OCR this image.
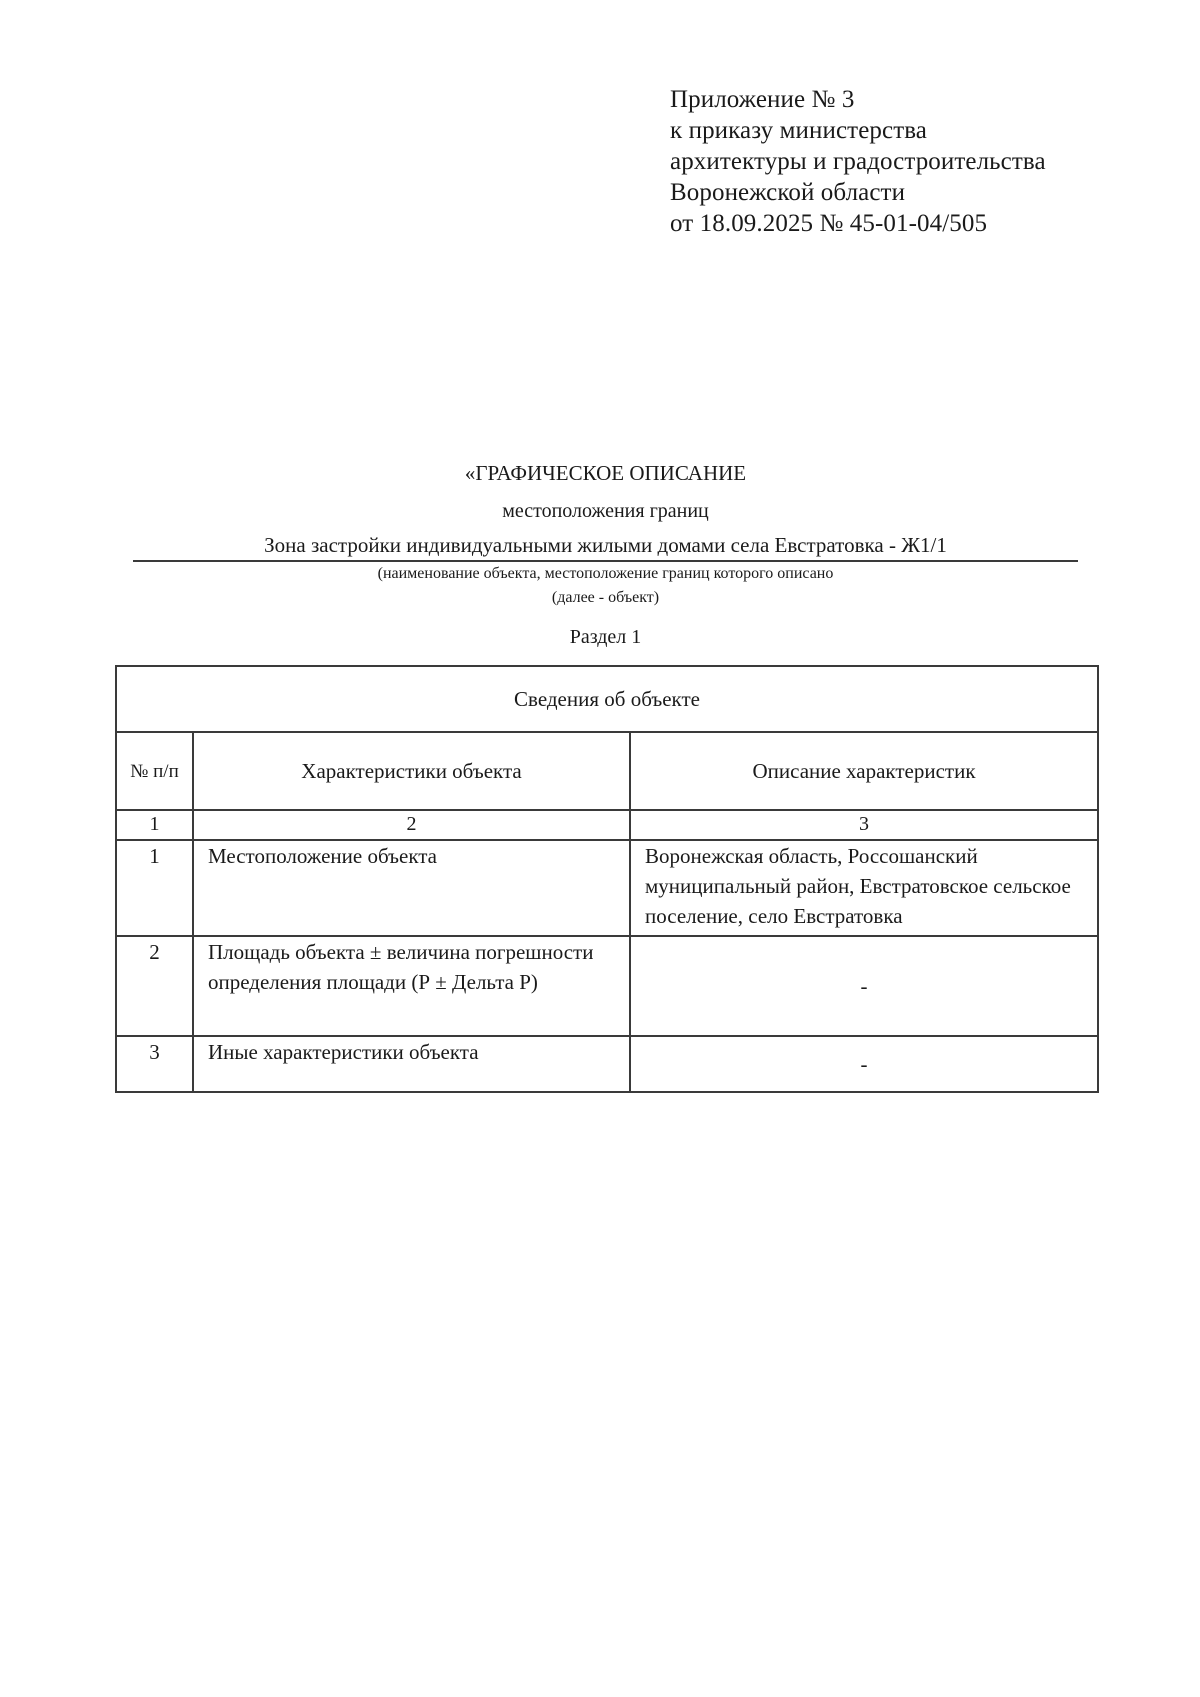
Приложение № 3
к приказу министерства
архитектуры и градостроительства
Воронежской области
от 18.09.2025 № 45-01-04/505
«ГРАФИЧЕСКОЕ ОПИСАНИЕ
местоположения границ
Зона застройки индивидуальными жилыми домами села Евстратовка - Ж1/1
(наименование объекта, местоположение границ которого описано
(далее - объект)
Раздел 1
Сведения об объекте		
№ п/п	Характеристики объекта	Описание характеристик
1	2	3
1	Местоположение объекта	Воронежская область, Россошанский муниципальный район, Евстратовское сельское поселение, село Евстратовка
2	Площадь объекта ± величина погрешности определения площади (Р ± Дельта Р)	-
3	Иные характеристики объекта	-
